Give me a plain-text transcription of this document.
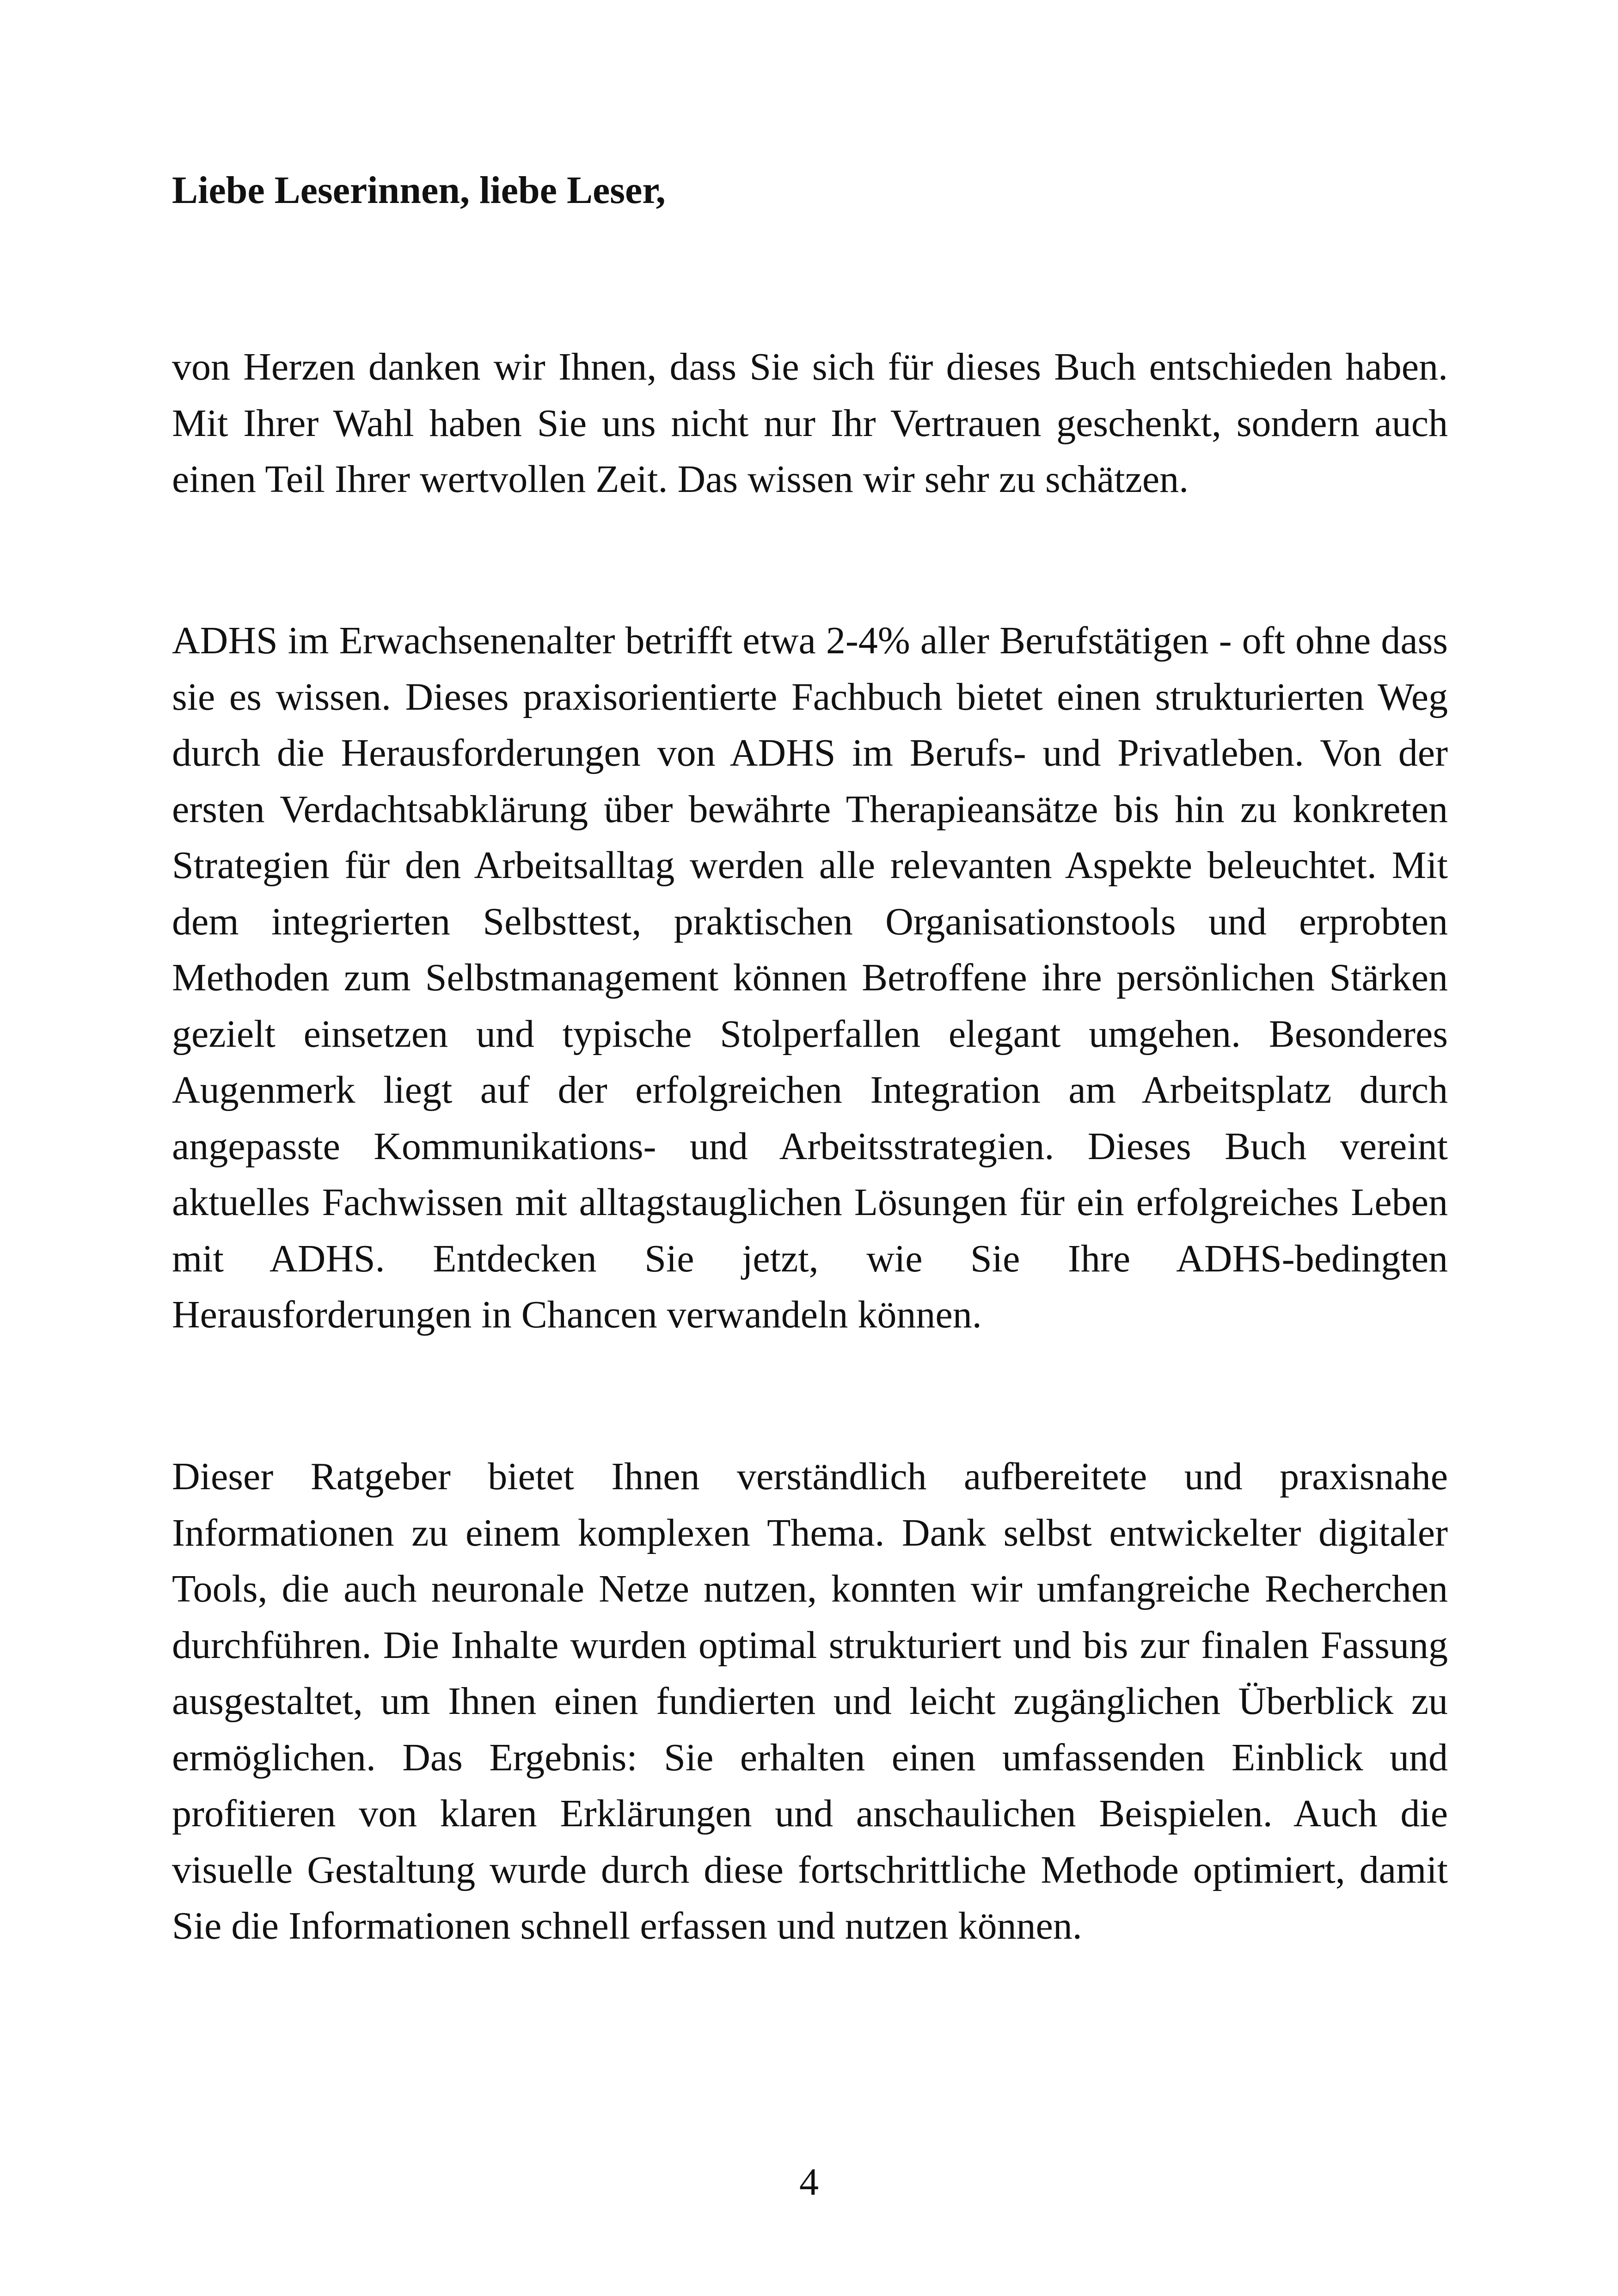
Liebe Leserinnen, liebe Leser,

von Herzen danken wir Ihnen, dass Sie sich für dieses Buch entschieden haben. Mit Ihrer Wahl haben Sie uns nicht nur Ihr Vertrauen geschenkt, sondern auch einen Teil Ihrer wertvollen Zeit. Das wissen wir sehr zu schätzen.

ADHS im Erwachsenenalter betrifft etwa 2-4% aller Berufstätigen - oft ohne dass sie es wissen. Dieses praxisorientierte Fachbuch bietet einen strukturierten Weg durch die Herausforderungen von ADHS im Berufs- und Privatleben. Von der ersten Verdachtsabklärung über bewährte Therapieansätze bis hin zu konkreten Strategien für den Arbeitsalltag werden alle relevanten Aspekte beleuchtet. Mit dem integrierten Selbsttest, praktischen Organisationstools und erprobten Methoden zum Selbstmanagement können Betroffene ihre persönlichen Stärken gezielt einsetzen und typische Stolperfallen elegant umgehen. Besonderes Augenmerk liegt auf der erfolgreichen Integration am Arbeitsplatz durch angepasste Kommunikations- und Arbeitsstrategien. Dieses Buch vereint aktuelles Fachwissen mit alltagstauglichen Lösungen für ein erfolgreiches Leben mit ADHS. Entdecken Sie jetzt, wie Sie Ihre ADHS-bedingten Herausforderungen in Chancen verwandeln können.

Dieser Ratgeber bietet Ihnen verständlich aufbereitete und praxisnahe Informationen zu einem komplexen Thema. Dank selbst entwickelter digitaler Tools, die auch neuronale Netze nutzen, konnten wir umfangreiche Recherchen durchführen. Die Inhalte wurden optimal strukturiert und bis zur finalen Fassung ausgestaltet, um Ihnen einen fundierten und leicht zugänglichen Überblick zu ermöglichen. Das Ergebnis: Sie erhalten einen umfassenden Einblick und profitieren von klaren Erklärungen und anschaulichen Beispielen. Auch die visuelle Gestaltung wurde durch diese fortschrittliche Methode optimiert, damit Sie die Informationen schnell erfassen und nutzen können.

4
